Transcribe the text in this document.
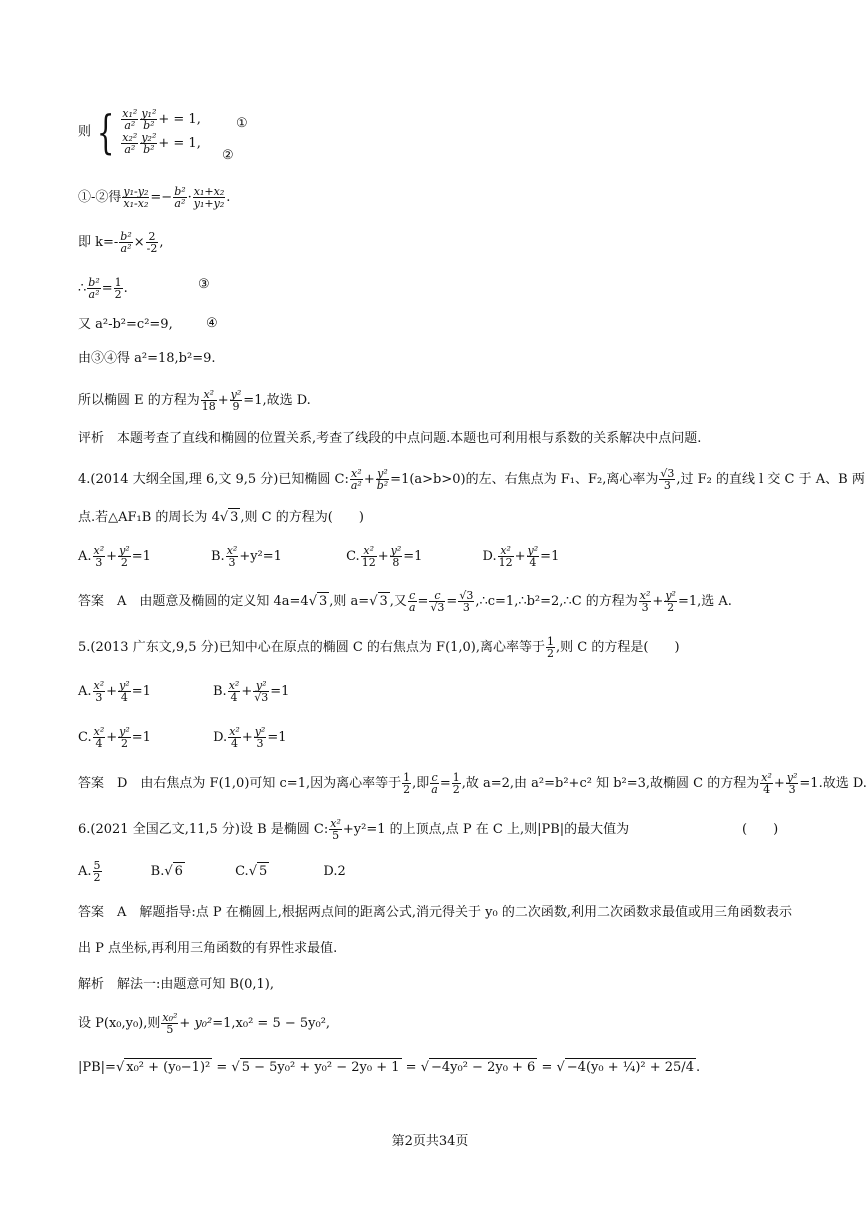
则 { $\frac{\text{x₁²}}{\text{a²}} \frac{\text{y₁²}}{\text{b²}}$ + = 1,
$\frac{\text{x₂²}}{\text{a²}} \frac{\text{y₂²}}{\text{b²}}$ + = 1,
①
②
①-②得 $\frac{\text{y₁-y₂}}{\text{x₁-x₂}} =- \frac{\text{b²}}{\text{a²}} \cdot \frac{\text{x₁+x₂}}{\text{y₁+y₂}}$ .
即 $k=- \frac{\text{b²}}{\text{a²}} \times \frac{2}{-2}$ ,
∴ $\frac{\text{b²}}{\text{a²}} = \frac{1}{2}$ .	③
又 a²-b²=c²=9,	④
由③④得 a²=18,b²=9.
所以椭圆 E 的方程为 $\frac{\text{x²}}{18} + \frac{\text{y²}}{9} =1$,故选 D.
评析　本题考查了直线和椭圆的位置关系,考查了线段的中点问题.本题也可利用根与系数的关系解决中点问题.
4.(2014 大纲全国,理 6,文 9,5 分)已知椭圆 C: $\frac{\text{x²}}{\text{a²}} + \frac{\text{y²}}{\text{b²}} =1(a>b>0)$的左、右焦点为 F₁、F₂,离心率为 $\frac{√3}{3}$ ,过 F₂ 的直线 l 交 C 于 A、B 两
点.若△AF₁B 的周长为 4√ 3 ,则 C 的方程为(　　)
A. $\frac{\text{x²}}{3} + \frac{\text{y²}}{2} =1$	B. $\frac{\text{x²}}{3} +y^2=1$	C. $\frac{\text{x²}}{12} + \frac{\text{y²}}{8} =1$	D. $\frac{\text{x²}}{12} + \frac{\text{y²}}{4} =1$
答案　A　由题意及椭圆的定义知 4a=4√ 3 ,则 a=√ 3 ,又 $\frac{c}{a} = \frac{c}{√3} = \frac{√3}{3}$ ,∴c=1,∴b²=2,∴C 的方程为 $\frac{\text{x²}}{3} + \frac{\text{y²}}{2} =1$,选 A.
5.(2013 广东文,9,5 分)已知中心在原点的椭圆 C 的右焦点为 F(1,0),离心率等于 $\frac{1}{2}$ ,则 C 的方程是(　　)
A. $\frac{\text{x²}}{3} + \frac{\text{y²}}{4} =1$	B. $\frac{\text{x²}}{4} + \frac{\text{y²}}{√3} =1$
C. $\frac{\text{x²}}{4} + \frac{\text{y²}}{2} =1$	D. $\frac{\text{x²}}{4} + \frac{\text{y²}}{3} =1$
答案　D　由右焦点为 F(1,0)可知 c=1,因为离心率等于 $\frac{1}{2}$ ,即 $\frac{c}{a} = \frac{1}{2}$ ,故 a=2,由 a²=b²+c² 知 b²=3,故椭圆 C 的方程为 $\frac{\text{x²}}{4} + \frac{\text{y²}}{3} =1$.故选 D.
6.(2021 全国乙文,11,5 分)设 B 是椭圆 C: $\frac{\text{x²}}{5} +y^2=1$ 的上顶点,点 P 在 C 上,则|PB|的最大值为	(　　)
A. $\frac{5}{2}$	B.√ 6	C.√ 5	D.2
答案　A　解题指导:点 P 在椭圆上,根据两点间的距离公式,消元得关于 y₀ 的二次函数,利用二次函数求最值或用三角函数表示
出 P 点坐标,再利用三角函数的有界性求最值.
解析　解法一:由题意可知 B(0,1),
设 P(x₀,y₀),则 $\frac{\text{x₀²}}{5} + y_0^2=1,x_0^2 = 5 - 5y_0^2$,
|PB|=√ x₀² + (y₀−1)² = √ 5 − 5y₀² + y₀² − 2y₀ + 1 = √ −4y₀² − 2y₀ + 6 = √ −4(y₀ + ¼)² + 25/4 .
第2页共34页
